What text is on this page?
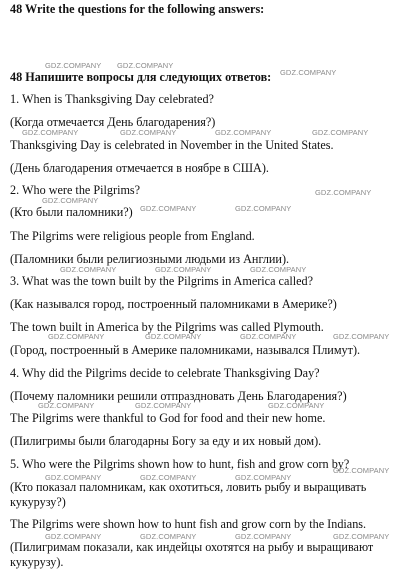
48 Write the questions for the following answers:
48 Напишите вопросы для следующих ответов:
1. When is Thanksgiving Day celebrated?
(Когда отмечается День благодарения?)
Thanksgiving Day is celebrated in November in the United States.
(День благодарения отмечается в ноябре в США).
2. Who were the Pilgrims?
(Кто были паломники?)
The Pilgrims were religious people from England.
(Паломники были религиозными людьми из Англии).
3. What was the town built by the Pilgrims in America called?
(Как назывался город, построенный паломниками в Америке?)
The town built in America by the Pilgrims was called Plymouth.
(Город, построенный в Америке паломниками, назывался Плимут).
4. Why did the Pilgrims decide to celebrate Thanksgiving Day?
(Почему паломники решили отпраздновать День Благодарения?)
The Pilgrims were thankful to God for food and their new home.
(Пилигримы были благодарны Богу за еду и их новый дом).
5. Who were the Pilgrims shown how to hunt, fish and grow corn by?
(Кто показал паломникам, как охотиться, ловить рыбу и выращивать
кукурузу?)
The Pilgrims were shown how to hunt fish and grow corn by the Indians.
(Пилигримам показали, как индейцы охотятся на рыбу и выращивают
кукурузу).
GDZ.COMPANY GDZ.COMPANY
GDZ.COMPANY
GDZ.COMPANY	GDZ.COMPANY	GDZ.COMPANY	GDZ.COMPANY
GDZ.COMPANY
GDZ.COMPANY
GDZ.COMPANY	GDZ.COMPANY
GDZ.COMPANY	GDZ.COMPANY	GDZ.COMPANY
GDZ.COMPANY	GDZ.COMPANY	GDZ.COMPANY	GDZ.COMPANY
GDZ.COMPANY	GDZ.COMPANY	GDZ.COMPANY
GDZ.COMPANY
GDZ.COMPANY	GDZ.COMPANY	GDZ.COMPANY
GDZ.COMPANY	GDZ.COMPANY	GDZ.COMPANY	GDZ.COMPANY
